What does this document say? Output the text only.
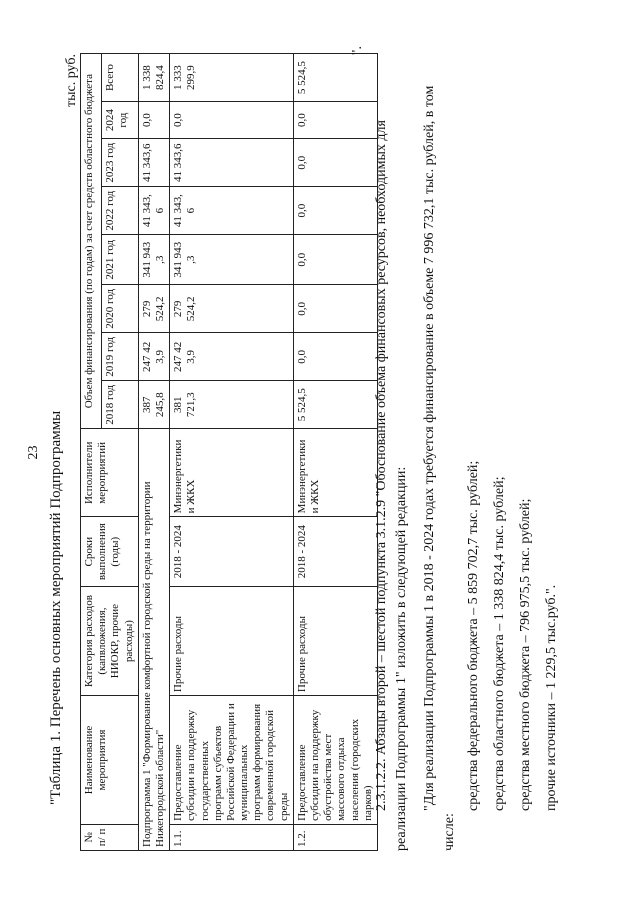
23 "Таблица 1. Перечень основных мероприятий Подпрограммы
тыс. руб.
№ п/ п	Наименование мероприятия	Категория расходов (капвложения, НИОКР, прочие расходы)	Сроки выполнения (годы)	Исполнители мероприятий	Объем финансирования (по годам) за счет средств областного бюджета							
					2018 год	2019 год	2020 год	2021 год	2022 год	2023 год	2024 год	Всего
Подпрограмма 1 "Формирование комфортной городской среды на территории Нижегородской области"					387 245,8	247 42 3,9	279 524,2	341 943 ,3	41 343, 6	41 343,6	0,0	1 338 824,4
1.1.	Предоставление субсидии на поддержку государственных программ субъектов Российской Федерации и муниципальных программ формирования современной городской среды	Прочие расходы	2018 - 2024	Минэнергетики и ЖКХ	381 721,3	247 42 3,9	279 524,2	341 943 ,3	41 343, 6	41 343,6	0,0	1 333 299,9
1.2.	Предоставление субсидии на поддержку обустройства мест массового отдыха населения (городских парков)	Прочие расходы	2018 - 2024	Минэнергетики и ЖКХ	5 524,5	0,0	0,0	0,0	0,0	0,0	0,0	5 524,5
".
2.3.1.2.2. Абзацы второй – шестой подпункта 3.1.2.9 "Обоснование объема финансовых ресурсов, необходимых для реализации Подпрограммы 1" изложить в следующей редакции: "Для реализации Подпрограммы 1 в 2018 - 2024 годах требуется финансирование в объеме 7 996 732,1 тыс. рублей, в том числе:
средства федерального бюджета – 5 859 702,7 тыс. рублей; средства областного бюджета – 1 338 824,4 тыс. рублей; средства местного бюджета – 796 975,5 тыс. рублей; прочие источники – 1 229,5 тыс.руб.".
